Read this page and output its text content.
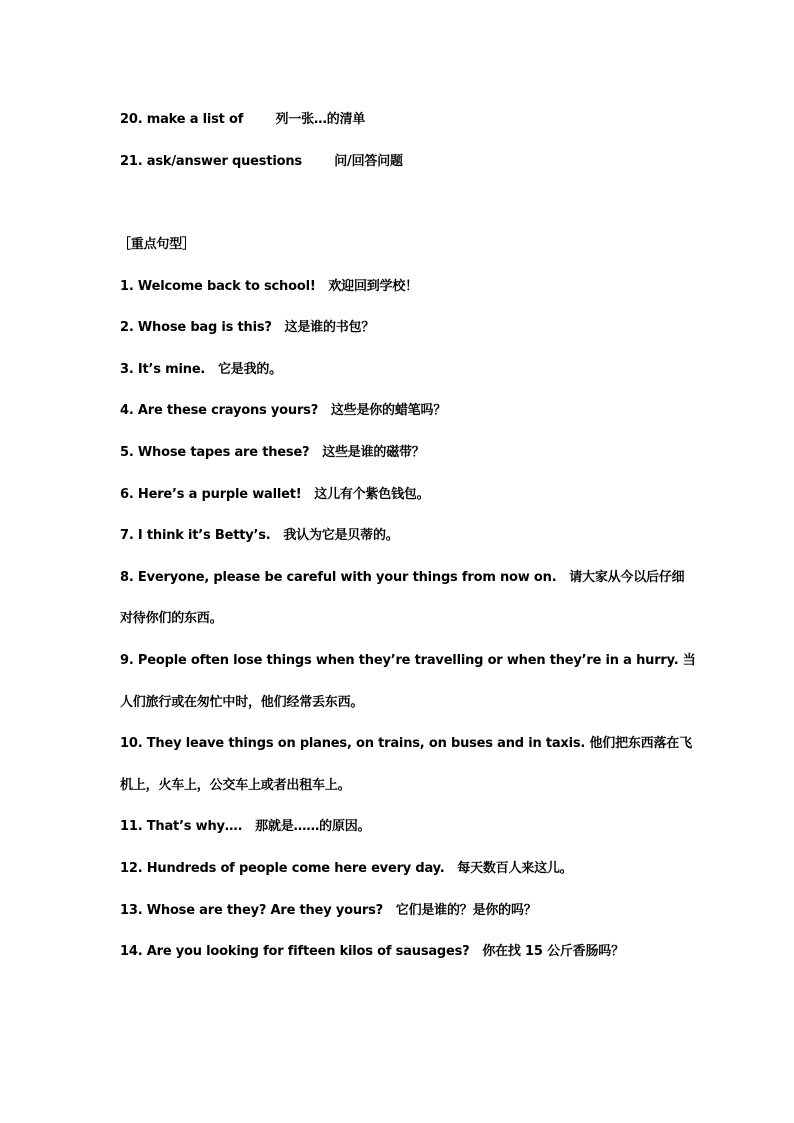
20. make a list of 列一张…的清单
21. ask/answer questions 问/回答问题
［重点句型］
1. Welcome back to school!　欢迎回到学校！
2. Whose bag is this?　这是谁的书包？
3. It’s mine.　它是我的。
4. Are these crayons yours?　这些是你的蜡笔吗？
5. Whose tapes are these?　这些是谁的磁带？
6. Here’s a purple wallet!　这儿有个紫色钱包。
7. I think it’s Betty’s.　我认为它是贝蒂的。
8. Everyone, please be careful with your things from now on.　请大家从今以后仔细
对待你们的东西。
9. People often lose things when they’re travelling or when they’re in a hurry. 当
人们旅行或在匆忙中时，他们经常丢东西。
10. They leave things on planes, on trains, on buses and in taxis. 他们把东西落在飞
机上，火车上，公交车上或者出租车上。
11. That’s why….　那就是……的原因。
12. Hundreds of people come here every day.　每天数百人来这儿。
13. Whose are they? Are they yours?　它们是谁的？是你的吗？
14. Are you looking for fifteen kilos of sausages?　你在找 15 公斤香肠吗？
